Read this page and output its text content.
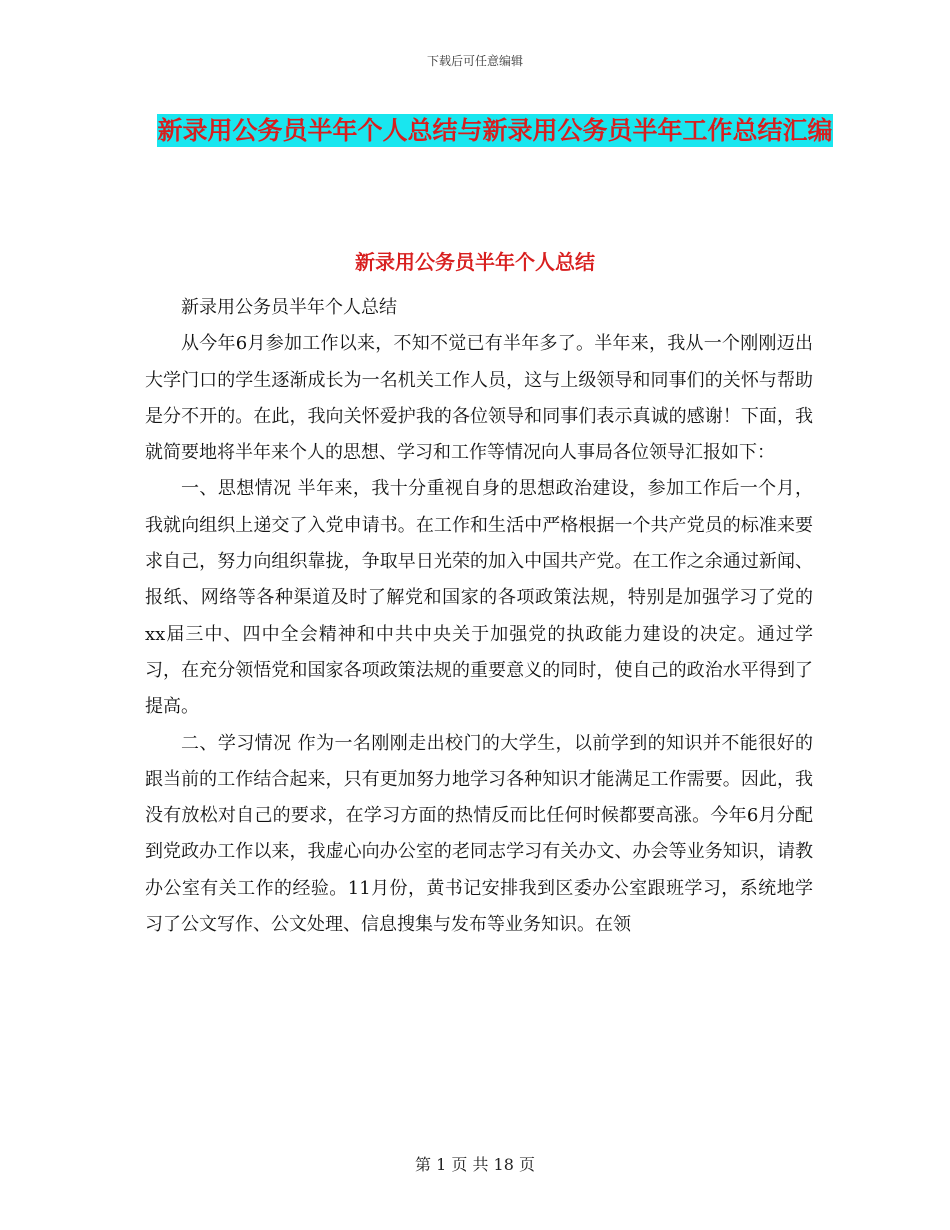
下载后可任意编辑
新录用公务员半年个人总结与新录用公务员半年工作总结汇编
新录用公务员半年个人总结

新录用公务员半年个人总结

从今年6月参加工作以来，不知不觉已有半年多了。半年来，我从一个刚刚迈出大学门口的学生逐渐成长为一名机关工作人员，这与上级领导和同事们的关怀与帮助是分不开的。在此，我向关怀爱护我的各位领导和同事们表示真诚的感谢！下面，我就简要地将半年来个人的思想、学习和工作等情况向人事局各位领导汇报如下：

一、思想情况 半年来，我十分重视自身的思想政治建设，参加工作后一个月，我就向组织上递交了入党申请书。在工作和生活中严格根据一个共产党员的标准来要求自己，努力向组织靠拢，争取早日光荣的加入中国共产党。在工作之余通过新闻、报纸、网络等各种渠道及时了解党和国家的各项政策法规，特别是加强学习了党的xx届三中、四中全会精神和中共中央关于加强党的执政能力建设的决定。通过学习，在充分领悟党和国家各项政策法规的重要意义的同时，使自己的政治水平得到了提高。

二、学习情况 作为一名刚刚走出校门的大学生，以前学到的知识并不能很好的跟当前的工作结合起来，只有更加努力地学习各种知识才能满足工作需要。因此，我没有放松对自己的要求，在学习方面的热情反而比任何时候都要高涨。今年6月分配到党政办工作以来，我虚心向办公室的老同志学习有关办文、办会等业务知识，请教办公室有关工作的经验。11月份，黄书记安排我到区委办公室跟班学习，系统地学习了公文写作、公文处理、信息搜集与发布等业务知识。在领

第 1 页 共 18 页
